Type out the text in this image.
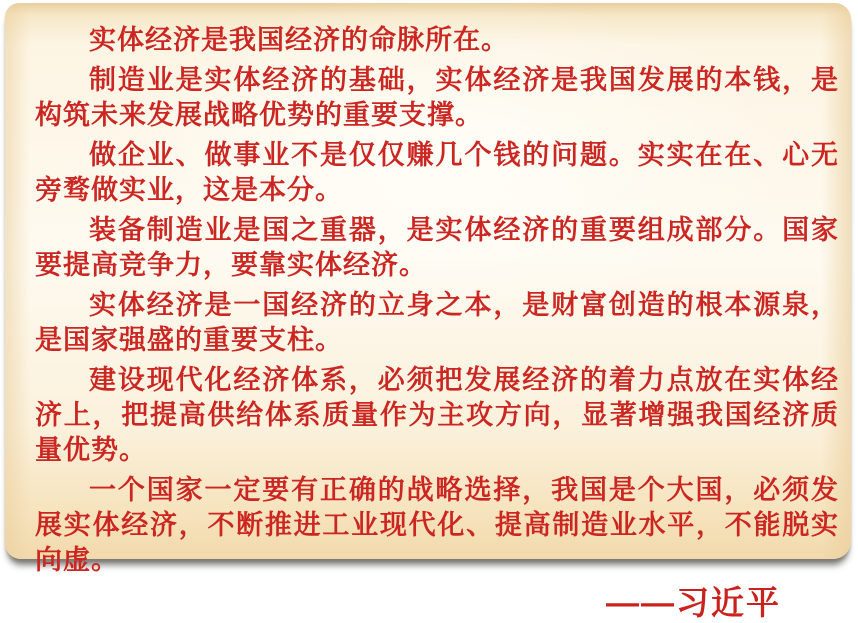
实体经济是我国经济的命脉所在。

制造业是实体经济的基础，实体经济是我国发展的本钱，是构筑未来发展战略优势的重要支撑。

做企业、做事业不是仅仅赚几个钱的问题。实实在在、心无旁骛做实业，这是本分。

装备制造业是国之重器，是实体经济的重要组成部分。国家要提高竞争力，要靠实体经济。

实体经济是一国经济的立身之本，是财富创造的根本源泉，是国家强盛的重要支柱。

建设现代化经济体系，必须把发展经济的着力点放在实体经济上，把提高供给体系质量作为主攻方向，显著增强我国经济质量优势。

一个国家一定要有正确的战略选择，我国是个大国，必须发展实体经济，不断推进工业现代化、提高制造业水平，不能脱实向虚。

——习近平
